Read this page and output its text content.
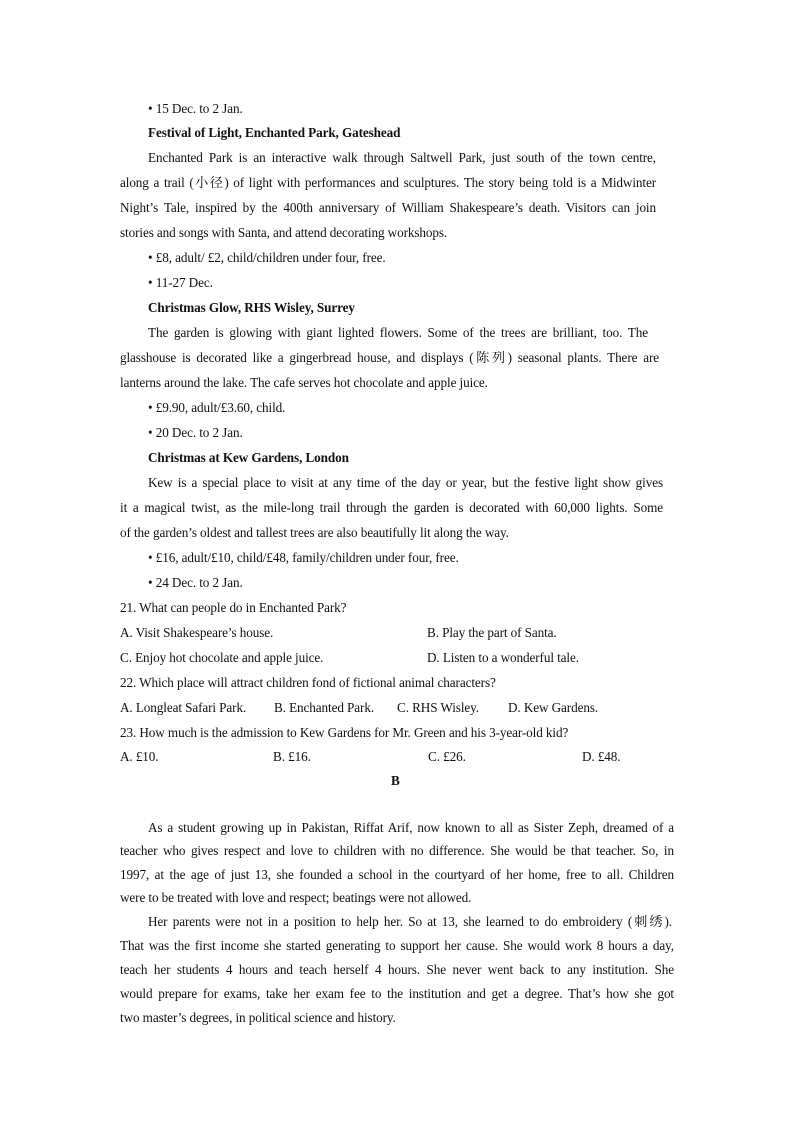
• 15 Dec. to 2 Jan.
Festival of Light, Enchanted Park, Gateshead
Enchanted Park is an interactive walk through Saltwell Park, just south of the town centre,
along a trail (小径) of light with performances and sculptures. The story being told is a Midwinter
Night’s Tale, inspired by the 400th anniversary of William Shakespeare’s death. Visitors can join
stories and songs with Santa, and attend decorating workshops.
• £8, adult/ £2, child/children under four, free.
• 11-27 Dec.
Christmas Glow, RHS Wisley, Surrey
The garden is glowing with giant lighted flowers. Some of the trees are brilliant, too. The
glasshouse is decorated like a gingerbread house, and displays (陈列) seasonal plants. There are
lanterns around the lake. The cafe serves hot chocolate and apple juice.
• £9.90, adult/£3.60, child.
• 20 Dec. to 2 Jan.
Christmas at Kew Gardens, London
Kew is a special place to visit at any time of the day or year, but the festive light show gives
it a magical twist, as the mile-long trail through the garden is decorated with 60,000 lights. Some
of the garden’s oldest and tallest trees are also beautifully lit along the way.
• £16, adult/£10, child/£48, family/children under four, free.
• 24 Dec. to 2 Jan.
21. What can people do in Enchanted Park?
A. Visit Shakespeare’s house.	B. Play the part of Santa.
C. Enjoy hot chocolate and apple juice.	D. Listen to a wonderful tale.
22. Which place will attract children fond of fictional animal characters?
A. Longleat Safari Park. B. Enchanted Park. C. RHS Wisley. D. Kew Gardens.
23. How much is the admission to Kew Gardens for Mr. Green and his 3-year-old kid?
A. £10.	B. £16.	C. £26.	D. £48.
B
As a student growing up in Pakistan, Riffat Arif, now known to all as Sister Zeph, dreamed of a
teacher who gives respect and love to children with no difference. She would be that teacher. So, in
1997, at the age of just 13, she founded a school in the courtyard of her home, free to all. Children
were to be treated with love and respect; beatings were not allowed.
Her parents were not in a position to help her. So at 13, she learned to do embroidery (刺绣).
That was the first income she started generating to support her cause. She would work 8 hours a day,
teach her students 4 hours and teach herself 4 hours. She never went back to any institution. She
would prepare for exams, take her exam fee to the institution and get a degree. That’s how she got
two master’s degrees, in political science and history.
